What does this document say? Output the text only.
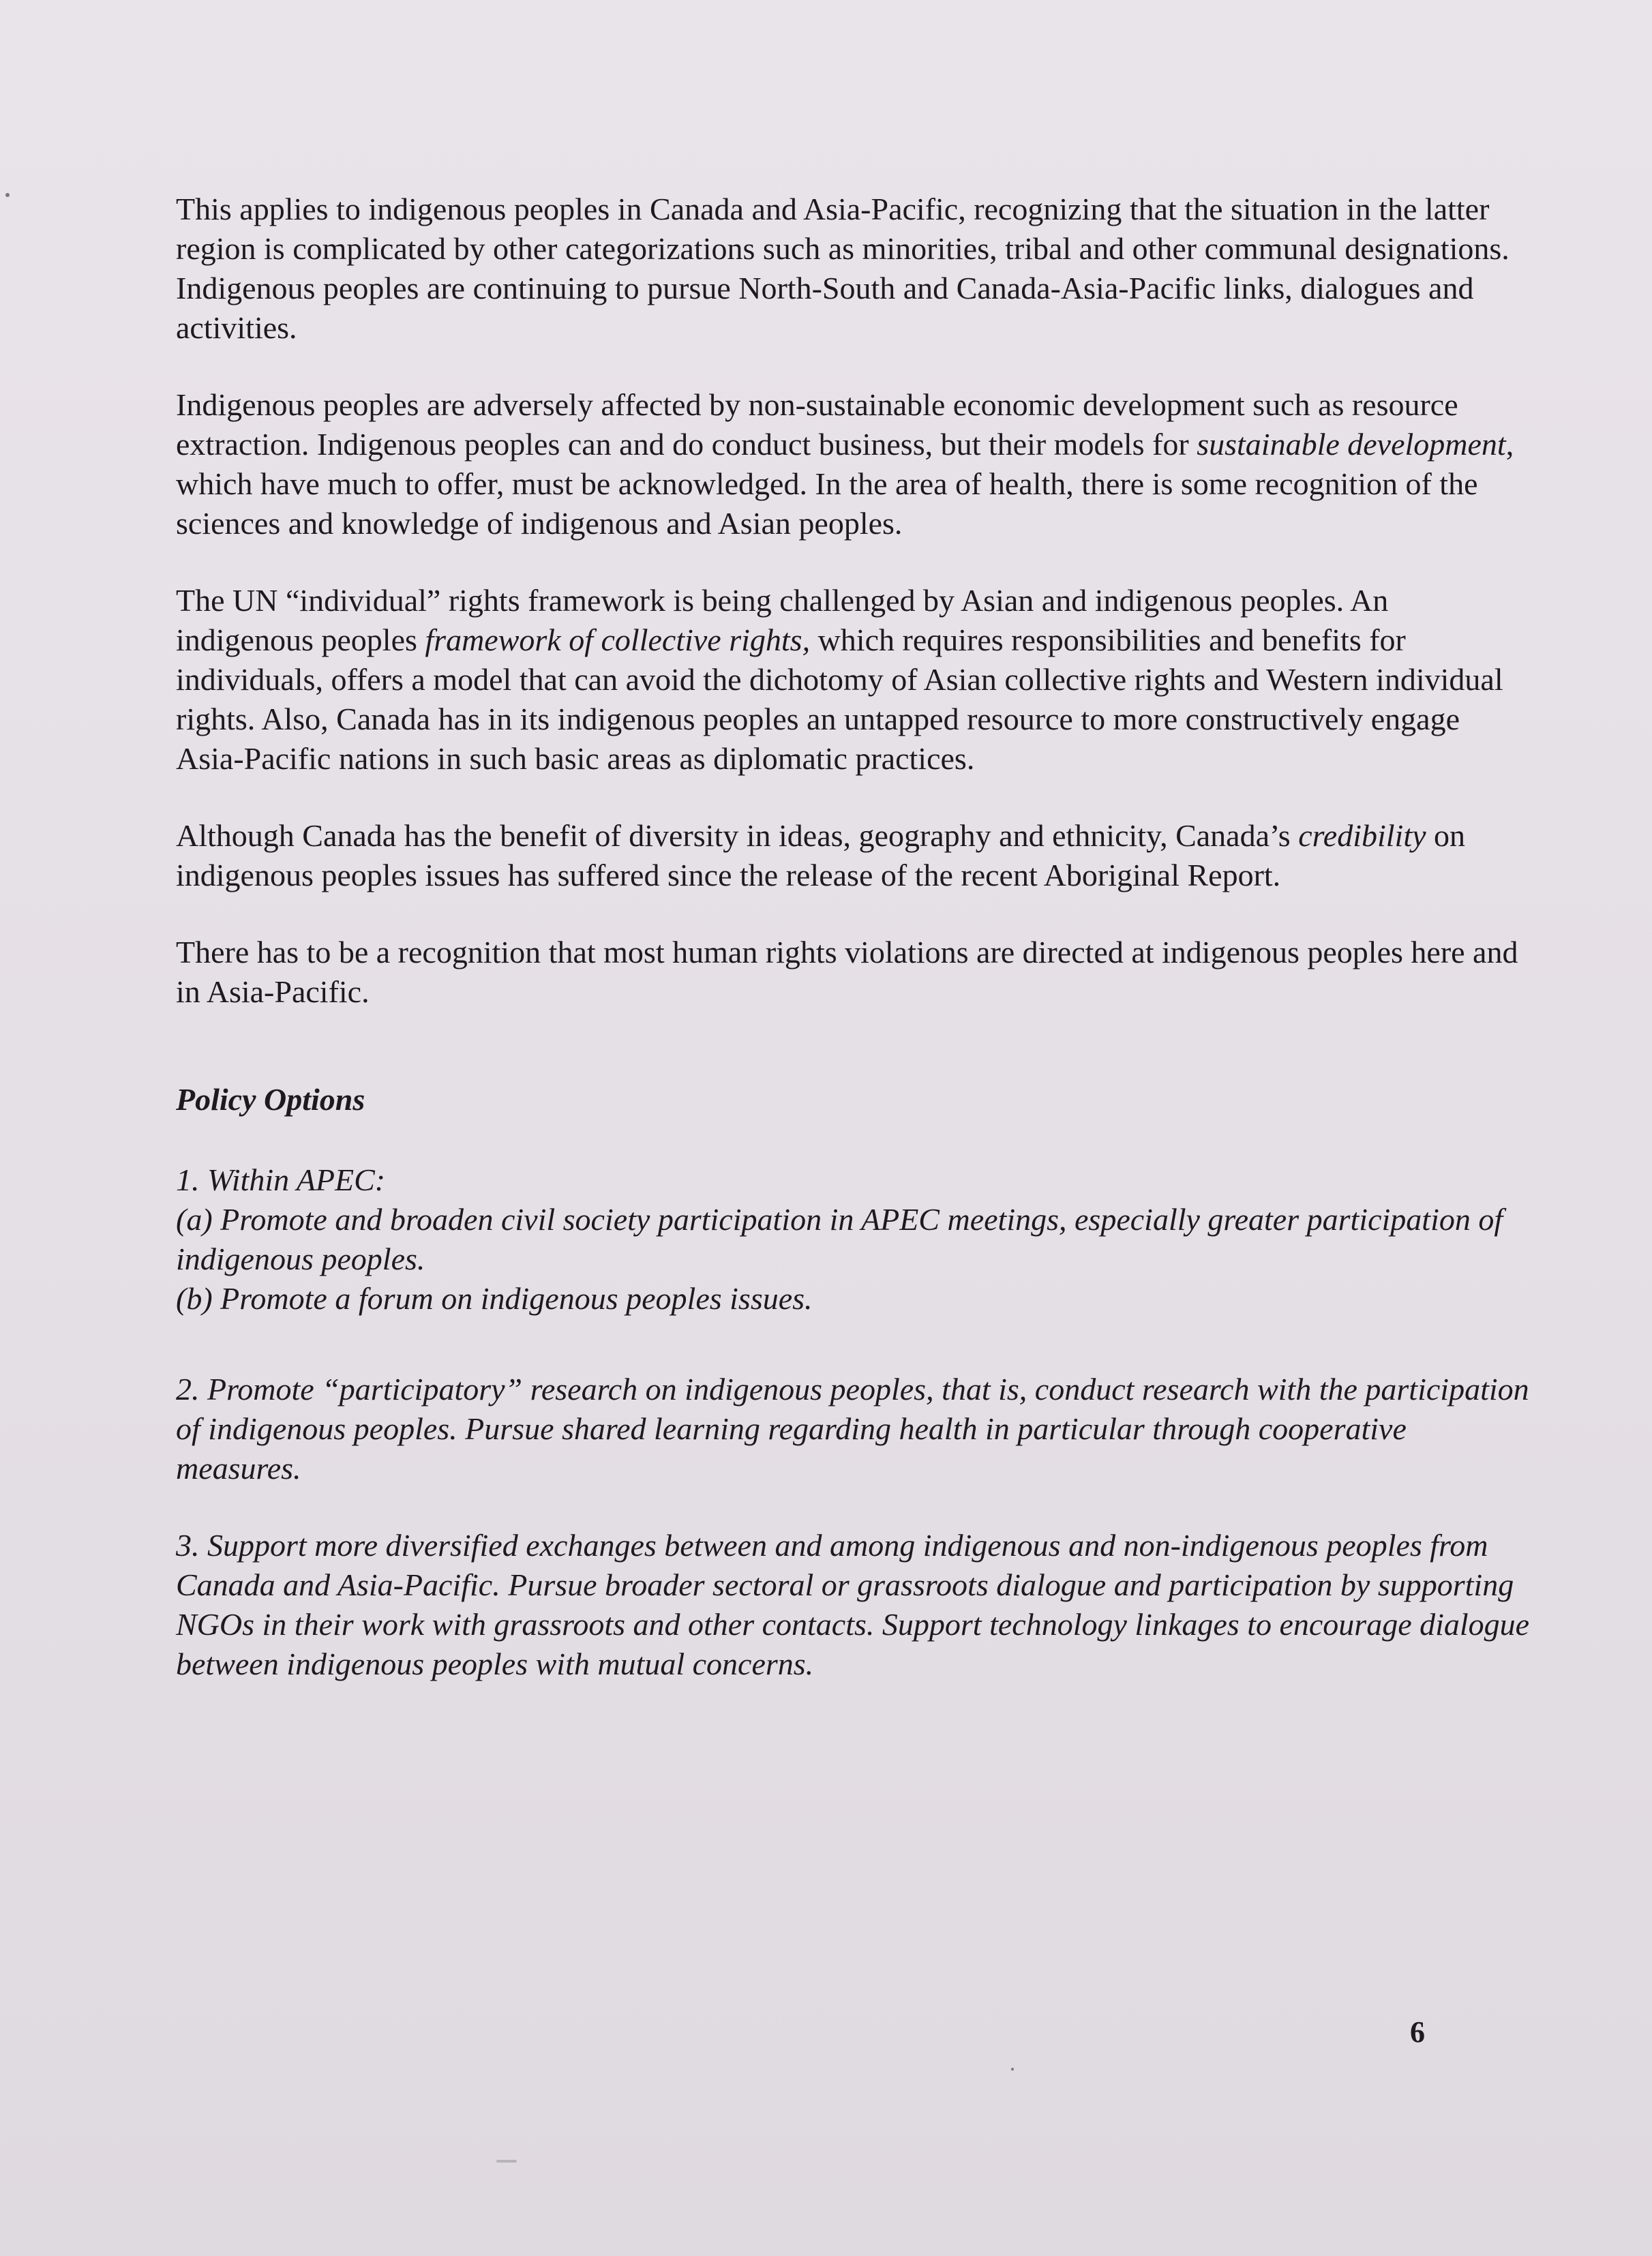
This applies to indigenous peoples in Canada and Asia-Pacific, recognizing that the situation in the latter region is complicated by other categorizations such as minorities, tribal and other communal designations. Indigenous peoples are continuing to pursue North-South and Canada-Asia-Pacific links, dialogues and activities.

Indigenous peoples are adversely affected by non-sustainable economic development such as resource extraction. Indigenous peoples can and do conduct business, but their models for sustainable development, which have much to offer, must be acknowledged. In the area of health, there is some recognition of the sciences and knowledge of indigenous and Asian peoples.

The UN “individual” rights framework is being challenged by Asian and indigenous peoples. An indigenous peoples framework of collective rights, which requires responsibilities and benefits for individuals, offers a model that can avoid the dichotomy of Asian collective rights and Western individual rights. Also, Canada has in its indigenous peoples an untapped resource to more constructively engage Asia-Pacific nations in such basic areas as diplomatic practices.

Although Canada has the benefit of diversity in ideas, geography and ethnicity, Canada’s credibility on indigenous peoples issues has suffered since the release of the recent Aboriginal Report.

There has to be a recognition that most human rights violations are directed at indigenous peoples here and in Asia-Pacific.

Policy Options

1. Within APEC:

(a) Promote and broaden civil society participation in APEC meetings, especially greater participation of indigenous peoples.

(b) Promote a forum on indigenous peoples issues.

2. Promote “participatory” research on indigenous peoples, that is, conduct research with the participation of indigenous peoples. Pursue shared learning regarding health in particular through cooperative measures.

3. Support more diversified exchanges between and among indigenous and non-indigenous peoples from Canada and Asia-Pacific. Pursue broader sectoral or grassroots dialogue and participation by supporting NGOs in their work with grassroots and other contacts. Support technology linkages to encourage dialogue between indigenous peoples with mutual concerns.

6
